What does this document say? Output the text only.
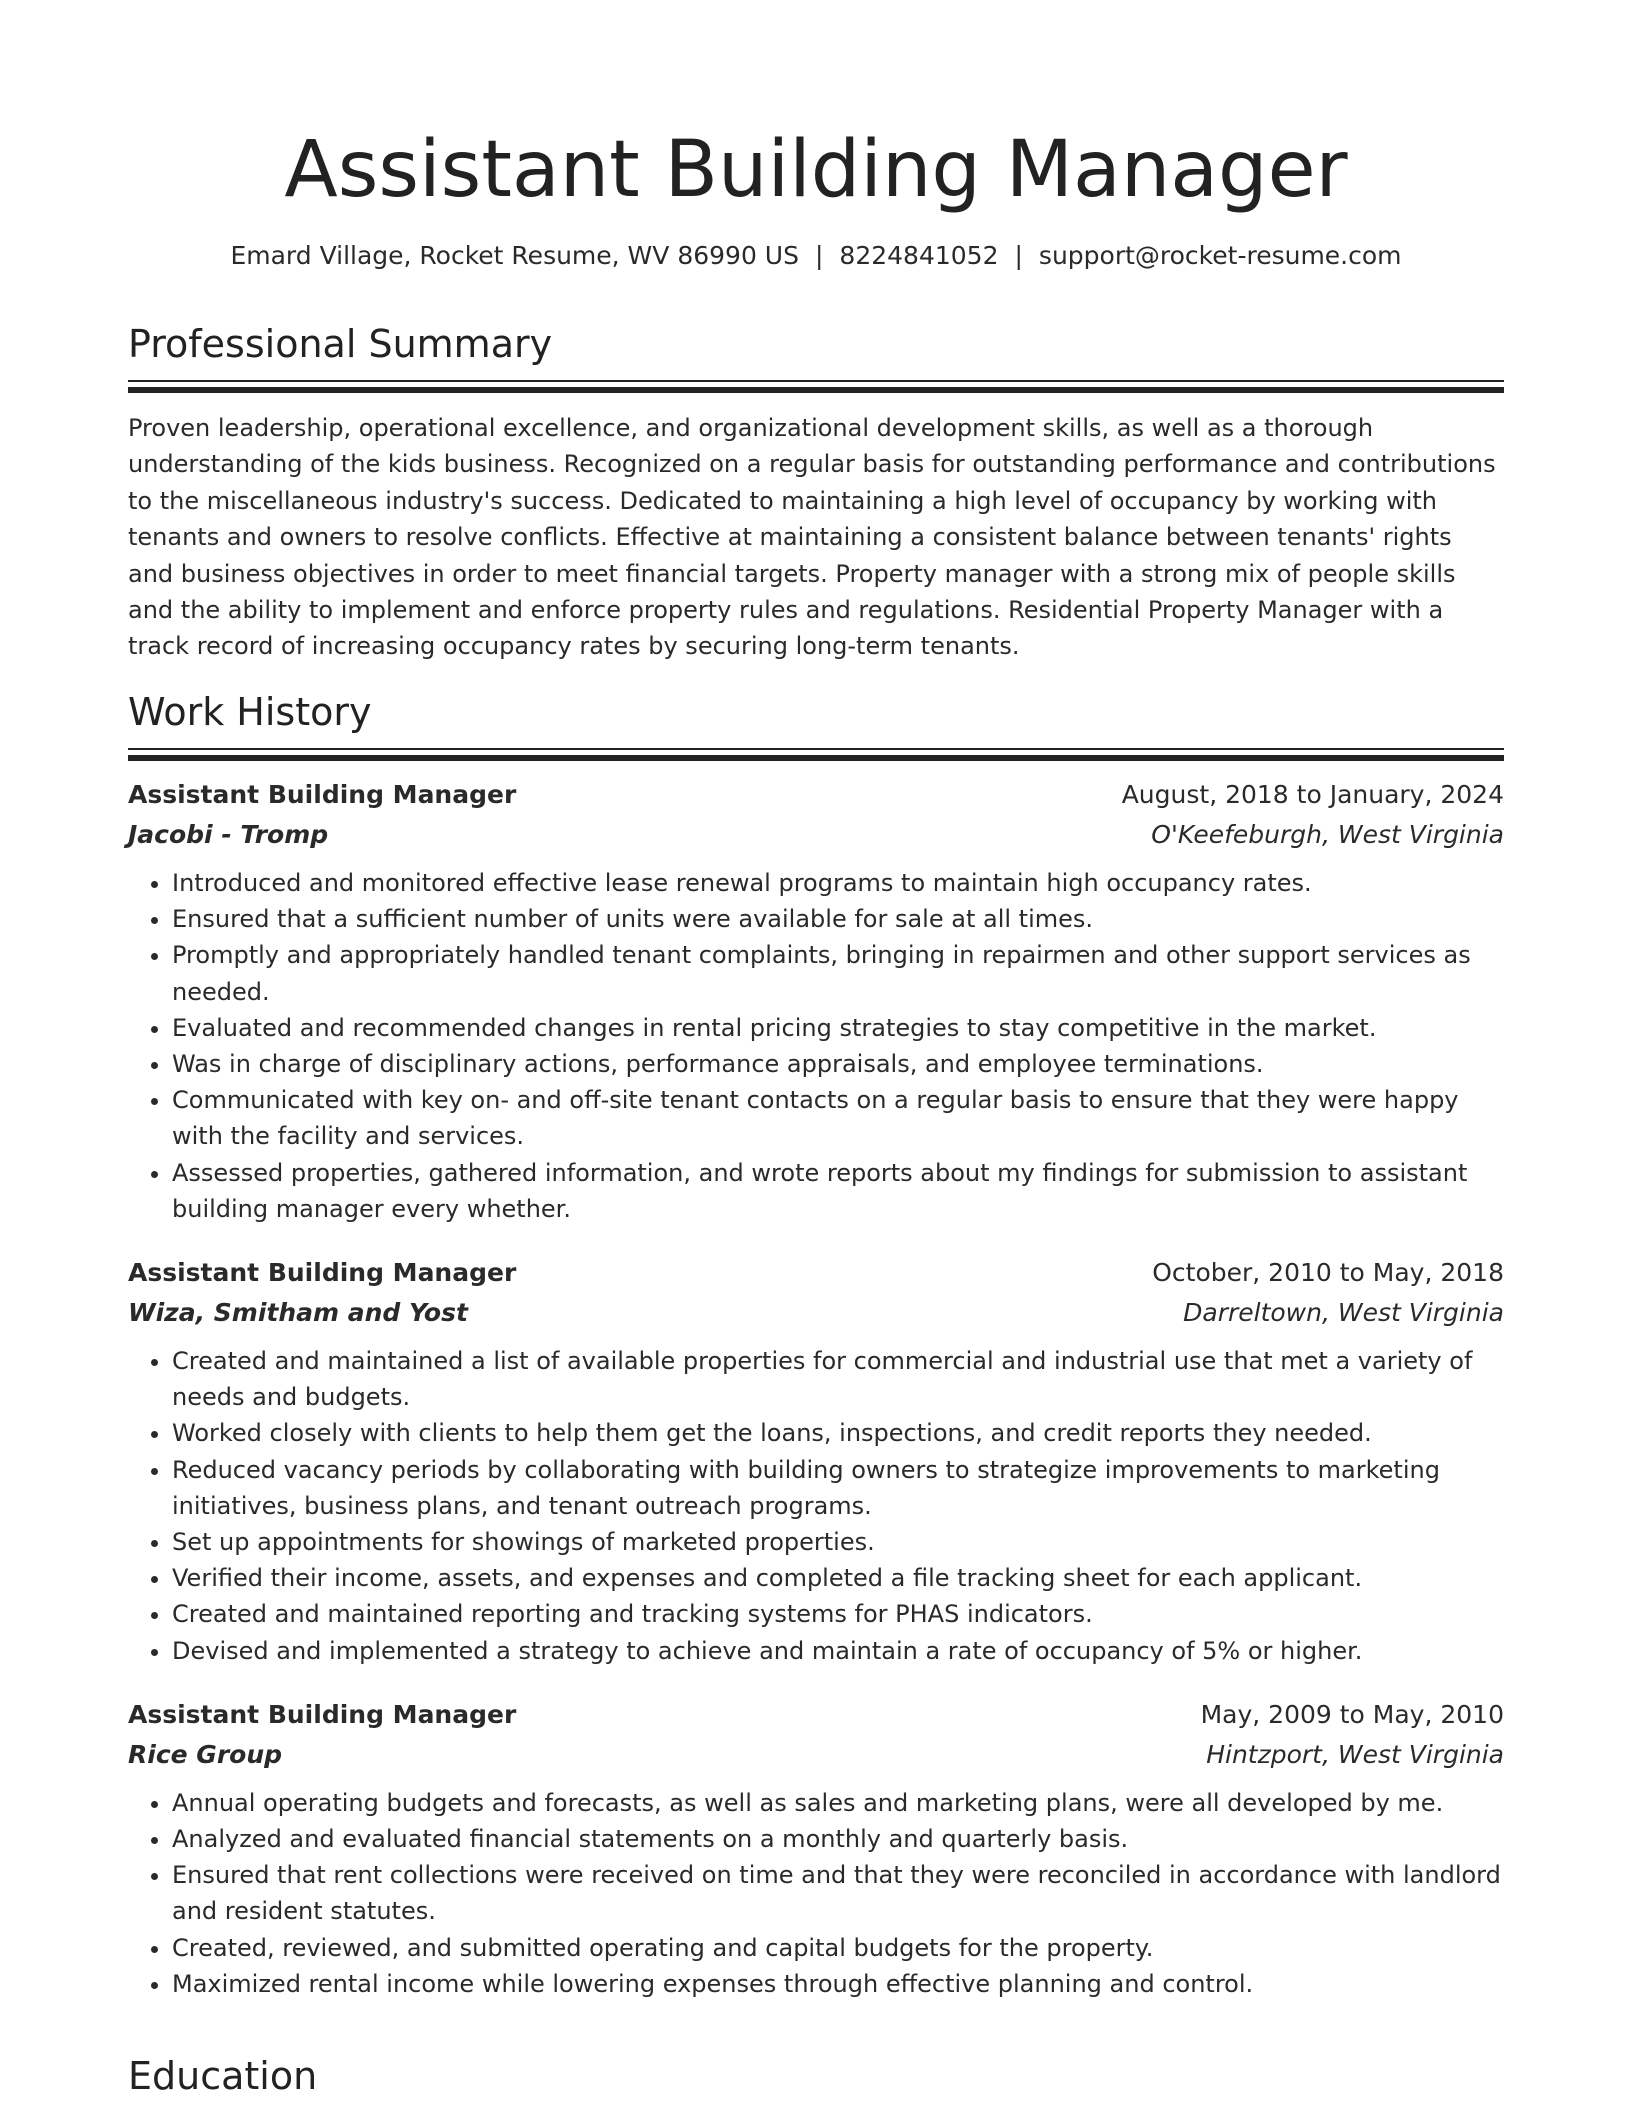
Assistant Building Manager
Emard Village, Rocket Resume, WV 86990 US | 8224841052 | support@rocket-resume.com
Professional Summary

Proven leadership, operational excellence, and organizational development skills, as well as a thorough understanding of the kids business. Recognized on a regular basis for outstanding performance and contributions to the miscellaneous industry's success. Dedicated to maintaining a high level of occupancy by working with tenants and owners to resolve conflicts. Effective at maintaining a consistent balance between tenants' rights and business objectives in order to meet financial targets. Property manager with a strong mix of people skills and the ability to implement and enforce property rules and regulations. Residential Property Manager with a track record of increasing occupancy rates by securing long-term tenants.

Work History
Assistant Building Manager	August, 2018 to January, 2024
Jacobi - Tromp	O'Keefeburgh, West Virginia
• Introduced and monitored effective lease renewal programs to maintain high occupancy rates.
• Ensured that a sufficient number of units were available for sale at all times.
• Promptly and appropriately handled tenant complaints, bringing in repairmen and other support services as needed.
• Evaluated and recommended changes in rental pricing strategies to stay competitive in the market.
• Was in charge of disciplinary actions, performance appraisals, and employee terminations.
• Communicated with key on- and off-site tenant contacts on a regular basis to ensure that they were happy with the facility and services.
• Assessed properties, gathered information, and wrote reports about my findings for submission to assistant building manager every whether.
Assistant Building Manager	October, 2010 to May, 2018
Wiza, Smitham and Yost	Darreltown, West Virginia
• Created and maintained a list of available properties for commercial and industrial use that met a variety of needs and budgets.
• Worked closely with clients to help them get the loans, inspections, and credit reports they needed.
• Reduced vacancy periods by collaborating with building owners to strategize improvements to marketing initiatives, business plans, and tenant outreach programs.
• Set up appointments for showings of marketed properties.
• Verified their income, assets, and expenses and completed a file tracking sheet for each applicant.
• Created and maintained reporting and tracking systems for PHAS indicators.
• Devised and implemented a strategy to achieve and maintain a rate of occupancy of 5% or higher.
Assistant Building Manager	May, 2009 to May, 2010
Rice Group	Hintzport, West Virginia
• Annual operating budgets and forecasts, as well as sales and marketing plans, were all developed by me.
• Analyzed and evaluated financial statements on a monthly and quarterly basis.
• Ensured that rent collections were received on time and that they were reconciled in accordance with landlord and resident statutes.
• Created, reviewed, and submitted operating and capital budgets for the property.
• Maximized rental income while lowering expenses through effective planning and control.
Education
